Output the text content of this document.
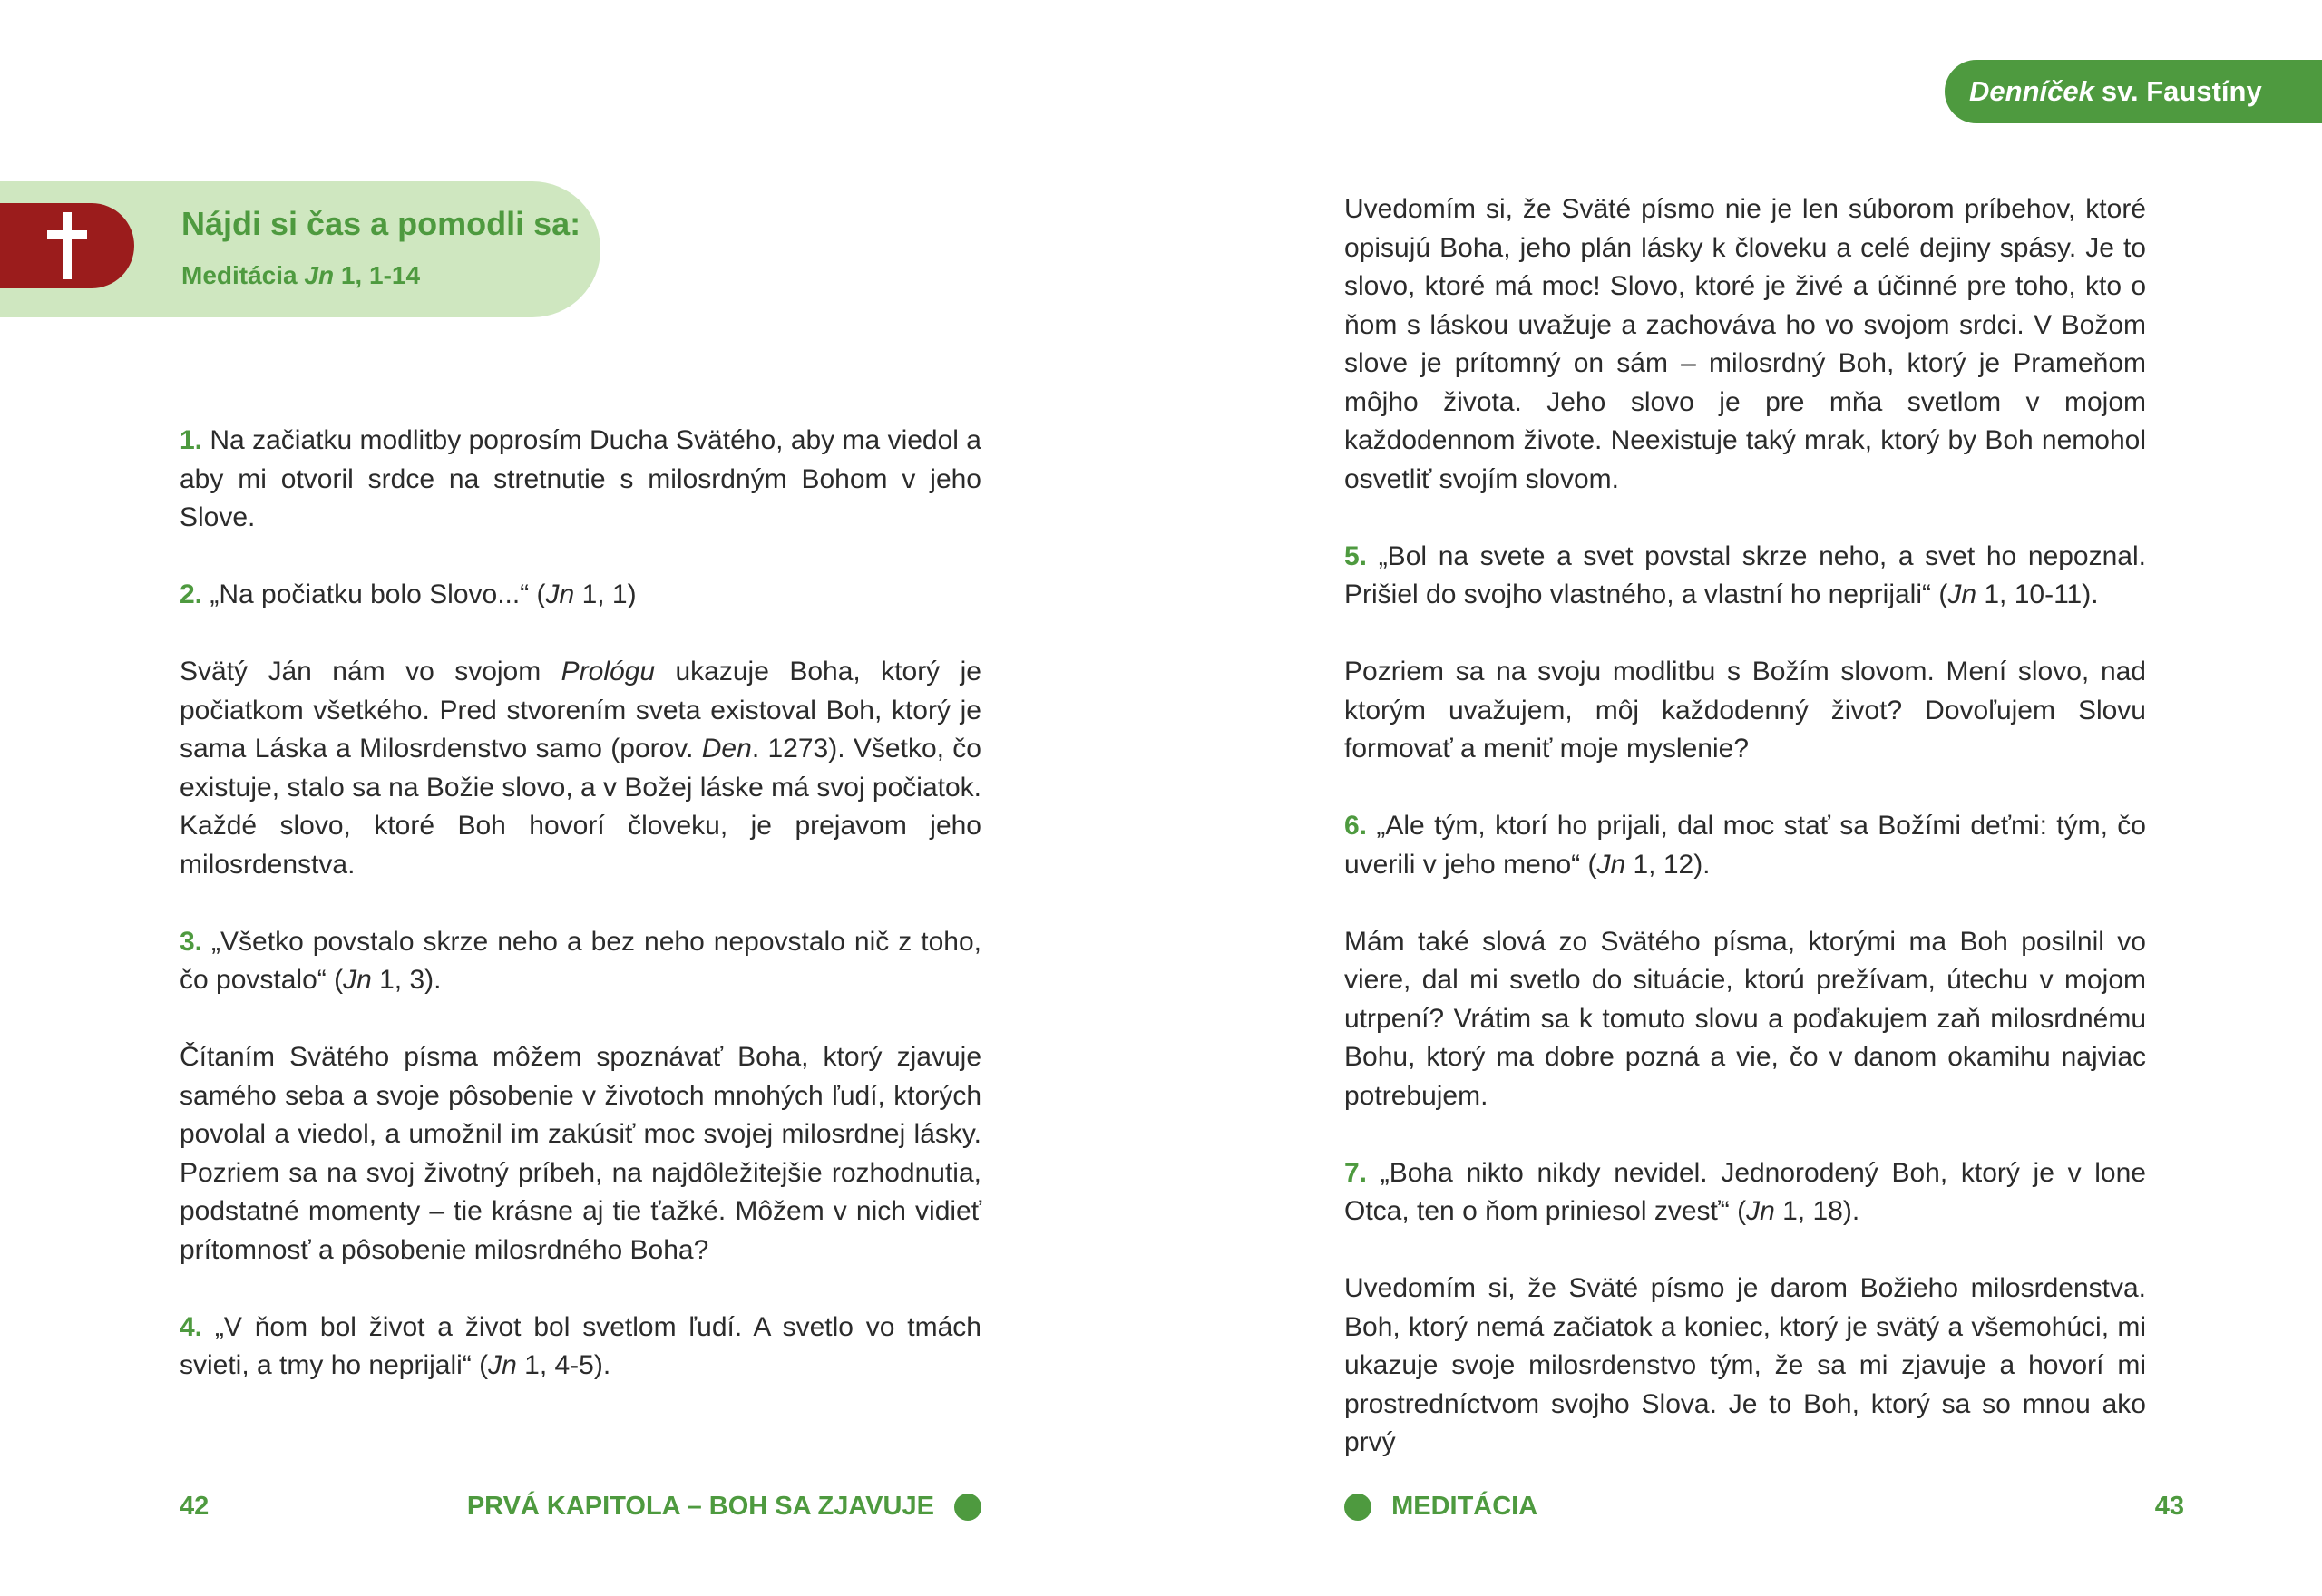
Nájdi si čas a pomodli sa:
Meditácia Jn 1, 1-14

1. Na začiatku modlitby poprosím Ducha Svätého, aby ma viedol a aby mi otvoril srdce na stretnutie s milosrdným Bohom v jeho Slove.

2. „Na počiatku bolo Slovo...“ (Jn 1, 1)

Svätý Ján nám vo svojom Prológu ukazuje Boha, ktorý je počiatkom všetkého. Pred stvorením sveta existoval Boh, ktorý je sama Láska a Milosrdenstvo samo (porov. Den. 1273). Všetko, čo existuje, stalo sa na Božie slovo, a v Božej láske má svoj počiatok. Každé slovo, ktoré Boh hovorí človeku, je prejavom jeho milosrdenstva.

3. „Všetko povstalo skrze neho a bez neho nepovstalo nič z toho, čo povstalo“ (Jn 1, 3).

Čítaním Svätého písma môžem spoznávať Boha, ktorý zjavuje samého seba a svoje pôsobenie v životoch mnohých ľudí, ktorých povolal a viedol, a umožnil im zakúsiť moc svojej milosrdnej lásky. Pozriem sa na svoj životný príbeh, na najdôležitejšie rozhodnutia, podstatné momenty – tie krásne aj tie ťažké. Môžem v nich vidieť prítomnosť a pôsobenie milosrdného Boha?

4. „V ňom bol život a život bol svetlom ľudí. A svetlo vo tmách svieti, a tmy ho neprijali“ (Jn 1, 4-5).

42	PRVÁ KAPITOLA – BOH SA ZJAVUJE
Denníček sv. Faustíny

Uvedomím si, že Sväté písmo nie je len súborom príbehov, ktoré opisujú Boha, jeho plán lásky k človeku a celé dejiny spásy. Je to slovo, ktoré má moc! Slovo, ktoré je živé a účinné pre toho, kto o ňom s láskou uvažuje a zachováva ho vo svojom srdci. V Božom slove je prítomný on sám – milosrdný Boh, ktorý je Prameňom môjho života. Jeho slovo je pre mňa svetlom v mojom každodennom živote. Neexistuje taký mrak, ktorý by Boh nemohol osvetliť svojím slovom.

5. „Bol na svete a svet povstal skrze neho, a svet ho nepoznal. Prišiel do svojho vlastného, a vlastní ho neprijali“ (Jn 1, 10-11).

Pozriem sa na svoju modlitbu s Božím slovom. Mení slovo, nad ktorým uvažujem, môj každodenný život? Dovoľujem Slovu formovať a meniť moje myslenie?

6. „Ale tým, ktorí ho prijali, dal moc stať sa Božími deťmi: tým, čo uverili v jeho meno“ (Jn 1, 12).

Mám také slová zo Svätého písma, ktorými ma Boh posilnil vo viere, dal mi svetlo do situácie, ktorú prežívam, útechu v mojom utrpení? Vrátim sa k tomuto slovu a poďakujem zaň milosrdnému Bohu, ktorý ma dobre pozná a vie, čo v danom okamihu najviac potrebujem.

7. „Boha nikto nikdy nevidel. Jednorodený Boh, ktorý je v lone Otca, ten o ňom priniesol zvesť“ (Jn 1, 18).

Uvedomím si, že Sväté písmo je darom Božieho milosrdenstva. Boh, ktorý nemá začiatok a koniec, ktorý je svätý a všemohúci, mi ukazuje svoje milosrdenstvo tým, že sa mi zjavuje a hovorí mi prostredníctvom svojho Slova. Je to Boh, ktorý sa so mnou ako prvý

MEDITÁCIA	43
